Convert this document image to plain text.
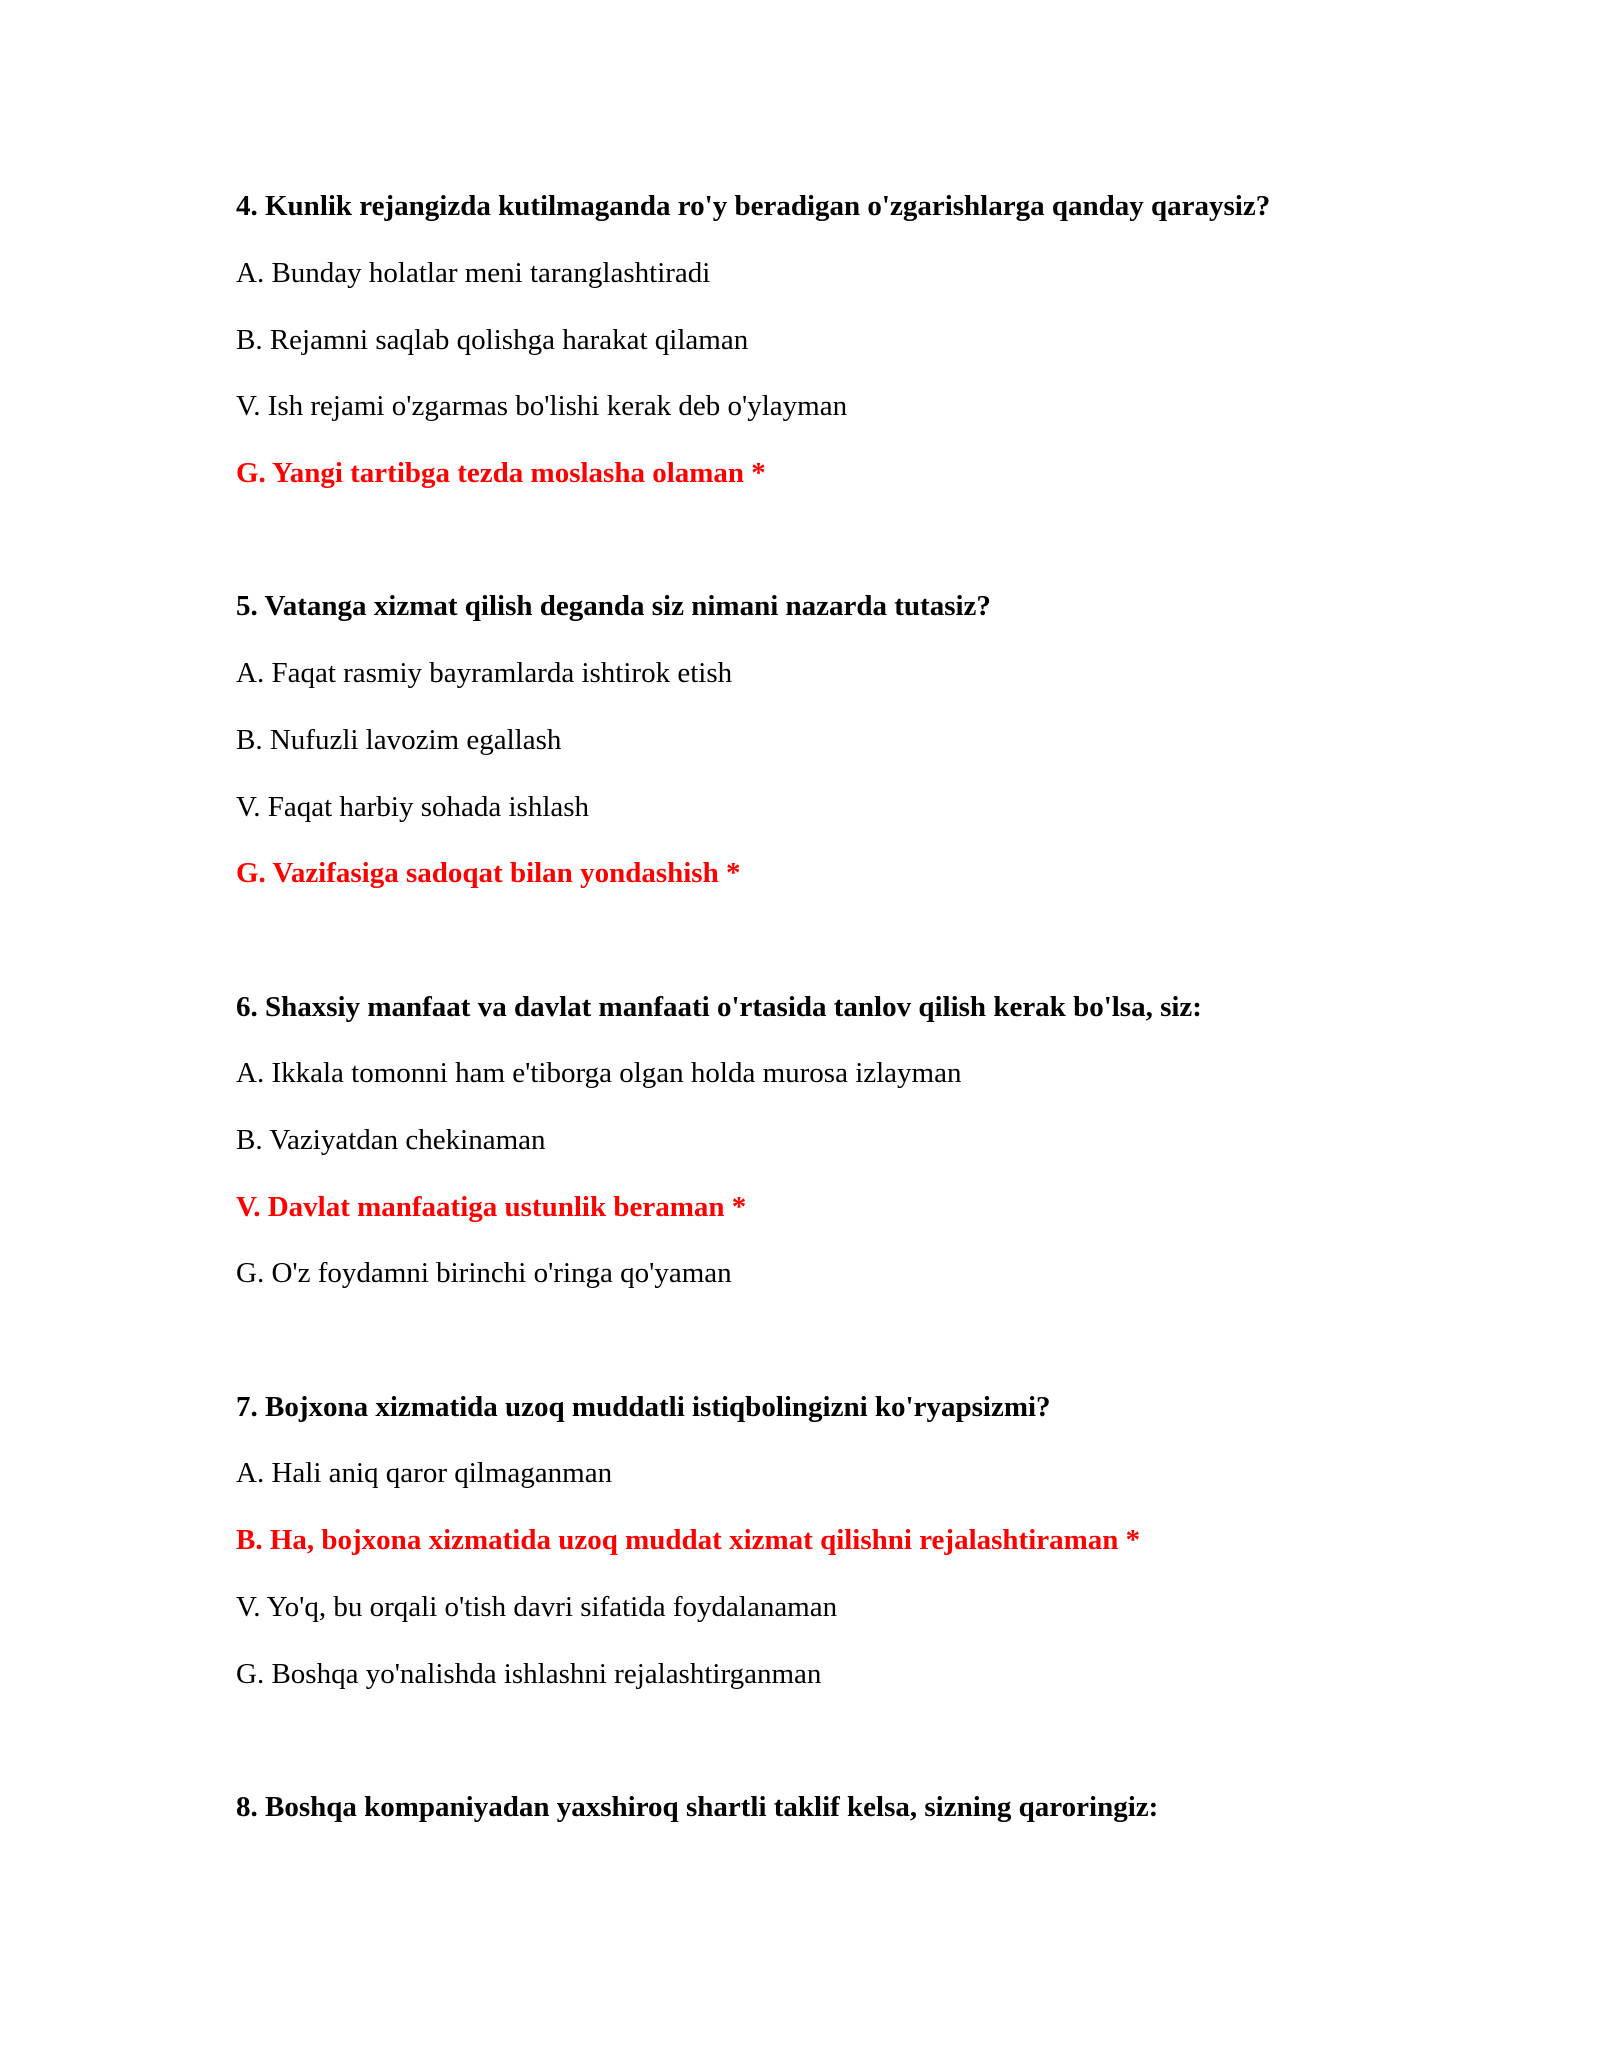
4. Kunlik rejangizda kutilmaganda ro'y beradigan o'zgarishlarga qanday qaraysiz?
A. Bunday holatlar meni taranglashtiradi
B. Rejamni saqlab qolishga harakat qilaman
V. Ish rejami o'zgarmas bo'lishi kerak deb o'ylayman
G. Yangi tartibga tezda moslasha olaman *
5. Vatanga xizmat qilish deganda siz nimani nazarda tutasiz?
A. Faqat rasmiy bayramlarda ishtirok etish
B. Nufuzli lavozim egallash
V. Faqat harbiy sohada ishlash
G. Vazifasiga sadoqat bilan yondashish *
6. Shaxsiy manfaat va davlat manfaati o'rtasida tanlov qilish kerak bo'lsa, siz:
A. Ikkala tomonni ham e'tiborga olgan holda murosa izlayman
B. Vaziyatdan chekinaman
V. Davlat manfaatiga ustunlik beraman *
G. O'z foydamni birinchi o'ringa qo'yaman
7. Bojxona xizmatida uzoq muddatli istiqbolingizni ko'ryapsizmi?
A. Hali aniq qaror qilmaganman
B. Ha, bojxona xizmatida uzoq muddat xizmat qilishni rejalashtiraman *
V. Yo'q, bu orqali o'tish davri sifatida foydalanaman
G. Boshqa yo'nalishda ishlashni rejalashtirganman
8. Boshqa kompaniyadan yaxshiroq shartli taklif kelsa, sizning qaroringiz:
